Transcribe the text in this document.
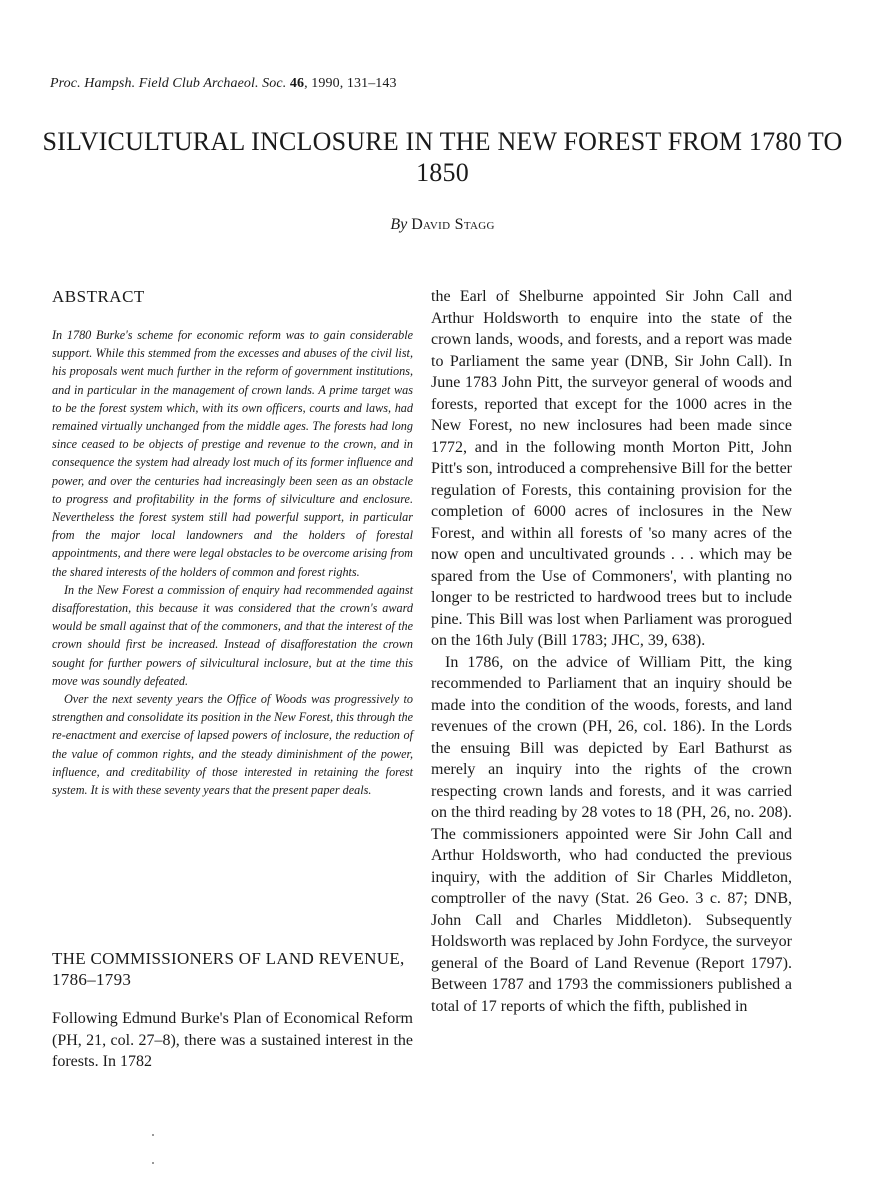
Proc. Hampsh. Field Club Archaeol. Soc. 46, 1990, 131–143
SILVICULTURAL INCLOSURE IN THE NEW FOREST FROM 1780 TO 1850
By David Stagg
ABSTRACT

In 1780 Burke's scheme for economic reform was to gain considerable support. While this stemmed from the excesses and abuses of the civil list, his proposals went much further in the reform of government institutions, and in particular in the management of crown lands. A prime target was to be the forest system which, with its own officers, courts and laws, had remained virtually unchanged from the middle ages. The forests had long since ceased to be objects of prestige and revenue to the crown, and in consequence the system had already lost much of its former influence and power, and over the centuries had increasingly been seen as an obstacle to progress and profitability in the forms of silviculture and enclosure. Nevertheless the forest system still had powerful support, in particular from the major local landowners and the holders of forestal appointments, and there were legal obstacles to be overcome arising from the shared interests of the holders of common and forest rights.

In the New Forest a commission of enquiry had recommended against disafforestation, this because it was considered that the crown's award would be small against that of the commoners, and that the interest of the crown should first be increased. Instead of disafforestation the crown sought for further powers of silvicultural inclosure, but at the time this move was soundly defeated.

Over the next seventy years the Office of Woods was progressively to strengthen and consolidate its position in the New Forest, this through the re-enactment and exercise of lapsed powers of inclosure, the reduction of the value of common rights, and the steady diminishment of the power, influence, and creditability of those interested in retaining the forest system. It is with these seventy years that the present paper deals.

THE COMMISSIONERS OF LAND REVENUE, 1786–1793

Following Edmund Burke's Plan of Economical Reform (PH, 21, col. 27–8), there was a sustained interest in the forests. In 1782

the Earl of Shelburne appointed Sir John Call and Arthur Holdsworth to enquire into the state of the crown lands, woods, and forests, and a report was made to Parliament the same year (DNB, Sir John Call). In June 1783 John Pitt, the surveyor general of woods and forests, reported that except for the 1000 acres in the New Forest, no new inclosures had been made since 1772, and in the following month Morton Pitt, John Pitt's son, introduced a comprehensive Bill for the better regulation of Forests, this containing provision for the completion of 6000 acres of inclosures in the New Forest, and within all forests of 'so many acres of the now open and uncultivated grounds . . . which may be spared from the Use of Commoners', with planting no longer to be restricted to hardwood trees but to include pine. This Bill was lost when Parliament was prorogued on the 16th July (Bill 1783; JHC, 39, 638).

In 1786, on the advice of William Pitt, the king recommended to Parliament that an inquiry should be made into the condition of the woods, forests, and land revenues of the crown (PH, 26, col. 186). In the Lords the ensuing Bill was depicted by Earl Bathurst as merely an inquiry into the rights of the crown respecting crown lands and forests, and it was carried on the third reading by 28 votes to 18 (PH, 26, no. 208). The commissioners appointed were Sir John Call and Arthur Holdsworth, who had conducted the previous inquiry, with the addition of Sir Charles Middleton, comptroller of the navy (Stat. 26 Geo. 3 c. 87; DNB, John Call and Charles Middleton). Subsequently Holdsworth was replaced by John Fordyce, the surveyor general of the Board of Land Revenue (Report 1797). Between 1787 and 1793 the commissioners published a total of 17 reports of which the fifth, published in
